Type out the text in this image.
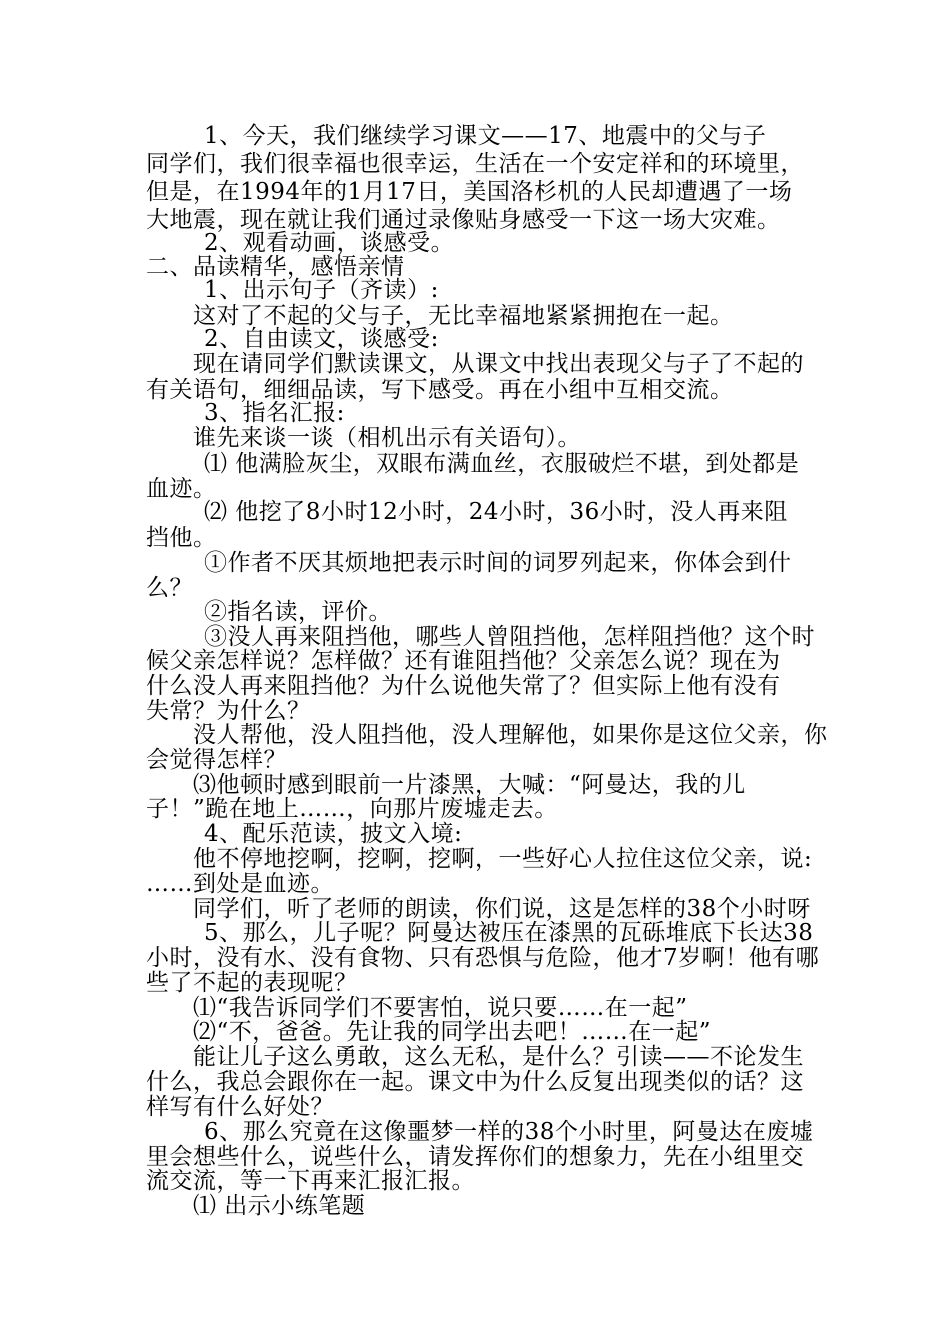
1、今天，我们继续学习课文——17、地震中的父与子
同学们，我们很幸福也很幸运，生活在一个安定祥和的环境里，
但是，在1994年的1月17日，美国洛杉机的人民却遭遇了一场
大地震，现在就让我们通过录像贴身感受一下这一场大灾难。
2、观看动画，谈感受。
二、品读精华，感悟亲情
1、出示句子（齐读）:
这对了不起的父与子，无比幸福地紧紧拥抱在一起。
2、自由读文，谈感受:
现在请同学们默读课文，从课文中找出表现父与子了不起的
有关语句，细细品读，写下感受。再在小组中互相交流。
3、指名汇报:
谁先来谈一谈（相机出示有关语句）。
⑴ 他满脸灰尘，双眼布满血丝，衣服破烂不堪，到处都是
血迹。
⑵ 他挖了8小时12小时，24小时，36小时，没人再来阻
挡他。
①作者不厌其烦地把表示时间的词罗列起来，你体会到什
么？
②指名读，评价。
③没人再来阻挡他，哪些人曾阻挡他，怎样阻挡他？这个时
候父亲怎样说？怎样做？还有谁阻挡他？父亲怎么说？现在为
什么没人再来阻挡他？为什么说他失常了？但实际上他有没有
失常？为什么？
没人帮他，没人阻挡他，没人理解他，如果你是这位父亲，你
会觉得怎样？
⑶他顿时感到眼前一片漆黑，大喊：“阿曼达，我的儿
子！”跪在地上……，向那片废墟走去。
4、配乐范读，披文入境:
他不停地挖啊，挖啊，挖啊，一些好心人拉住这位父亲，说:
……到处是血迹。
同学们，听了老师的朗读，你们说，这是怎样的38个小时呀
5、那么，儿子呢？阿曼达被压在漆黑的瓦砾堆底下长达38
小时，没有水、没有食物、只有恐惧与危险，他才7岁啊！他有哪
些了不起的表现呢？
⑴“我告诉同学们不要害怕，说只要……在一起”
⑵“不，爸爸。先让我的同学出去吧！……在一起”
能让儿子这么勇敢，这么无私，是什么？引读——不论发生
什么，我总会跟你在一起。课文中为什么反复出现类似的话？这
样写有什么好处？
6、那么究竟在这像噩梦一样的38个小时里，阿曼达在废墟
里会想些什么，说些什么，请发挥你们的想象力，先在小组里交
流交流，等一下再来汇报汇报。
⑴ 出示小练笔题
